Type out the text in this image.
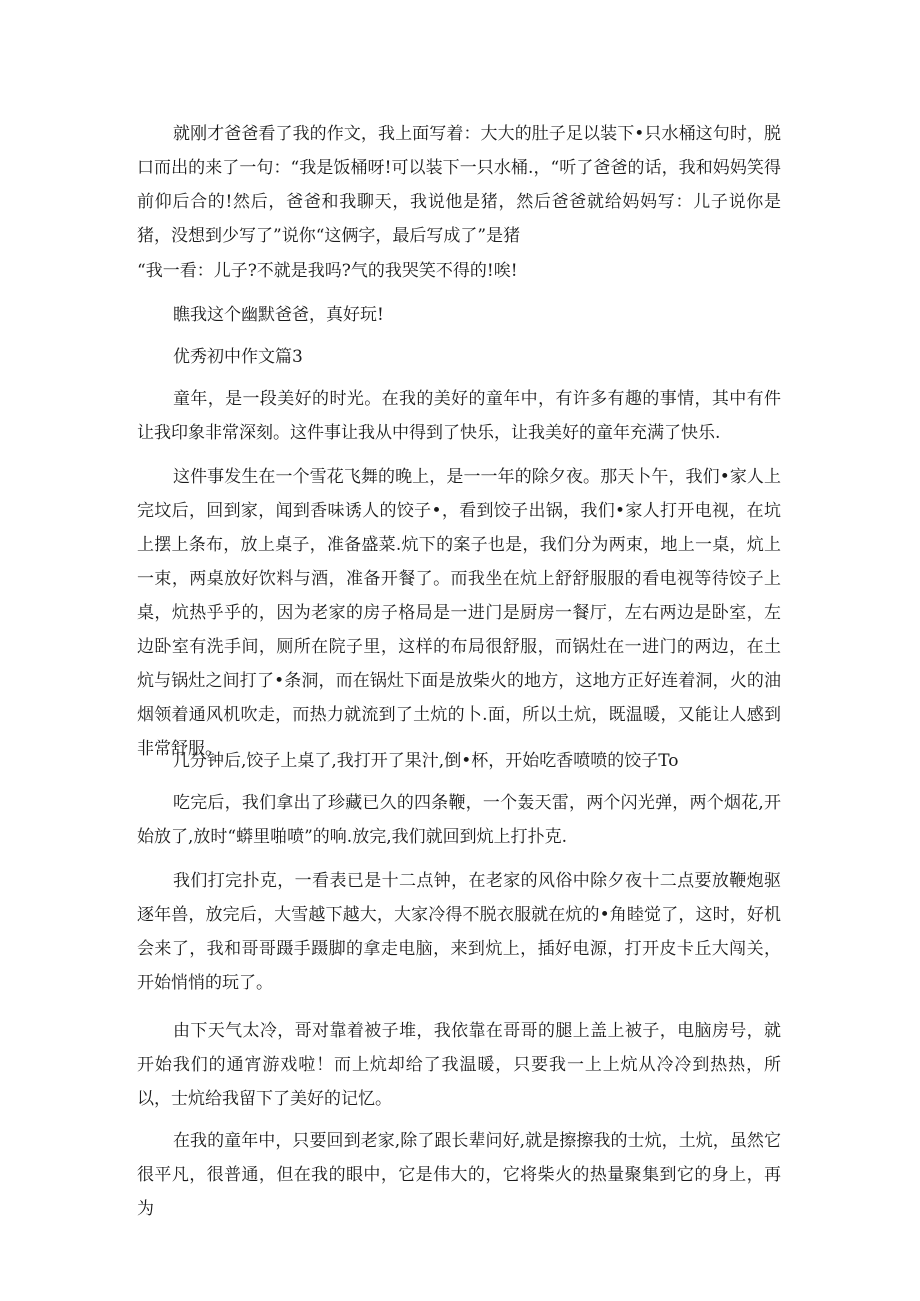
就刚才爸爸看了我的作文，我上面写着：大大的肚子足以装下•只水桶这句时，脱口而出的来了一句：“我是饭桶呀!可以装下一只水桶.，“听了爸爸的话，我和妈妈笑得前仰后合的!然后，爸爸和我聊天，我说他是猪，然后爸爸就给妈妈写：儿子说你是猪，没想到少写了”说你“这俩字，最后写成了”是猪

“我一看：儿子?不就是我吗?气的我哭笑不得的!唉!

瞧我这个幽默爸爸，真好玩!

优秀初中作文篇3

童年，是一段美好的时光。在我的美好的童年中，有许多有趣的事情，其中有件让我印象非常深刻。这件事让我从中得到了快乐，让我美好的童年充满了快乐.

这件事发生在一个雪花飞舞的晚上，是一一年的除夕夜。那天卜午，我们•家人上完坟后，回到家，闻到香味诱人的饺子•，看到饺子出锅，我们•家人打开电视，在坑上摆上条布，放上桌子，准备盛菜.炕下的案子也是，我们分为两束，地上一桌，炕上一束，两桌放好饮料与酒，准备开餐了。而我坐在炕上舒舒服服的看电视等待饺子上桌，炕热乎乎的，因为老家的房子格局是一进门是厨房一餐厅，左右两边是卧室，左边卧室有洗手间，厕所在院子里，这样的布局很舒服，而锅灶在一进门的两边，在土炕与锅灶之间打了•条洞，而在锅灶下面是放柴火的地方，这地方正好连着洞，火的油烟领着通风机吹走，而热力就流到了土炕的卜.面，所以土炕，既温暖，又能让人感到非常舒服。

几分钟后,饺子上桌了,我打开了果汁,倒•杯，开始吃香喷喷的饺子To

吃完后，我们拿出了珍藏已久的四条鞭，一个轰天雷，两个闪光弹，两个烟花,开始放了,放时“蟒里啪喷”的响.放完,我们就回到炕上打扑克.

我们打完扑克，一看表已是十二点钟，在老家的风俗中除夕夜十二点要放鞭炮驱逐年兽，放完后，大雪越下越大，大家冷得不脱衣服就在炕的•角睦觉了，这时，好机会来了，我和哥哥蹑手蹑脚的拿走电脑，来到炕上，插好电源，打开皮卡丘大闯关，开始悄悄的玩了。

由下天气太冷，哥对靠着被子堆，我依靠在哥哥的腿上盖上被子，电脑房号，就开始我们的通宵游戏啦！而上炕却给了我温暖，只要我一上上炕从冷冷到热热，所以，士炕给我留下了美好的记忆。

在我的童年中，只要回到老家,除了跟长辈问好,就是擦擦我的士炕，土炕，虽然它很平凡，很普通，但在我的眼中，它是伟大的，它将柴火的热量聚集到它的身上，再为
